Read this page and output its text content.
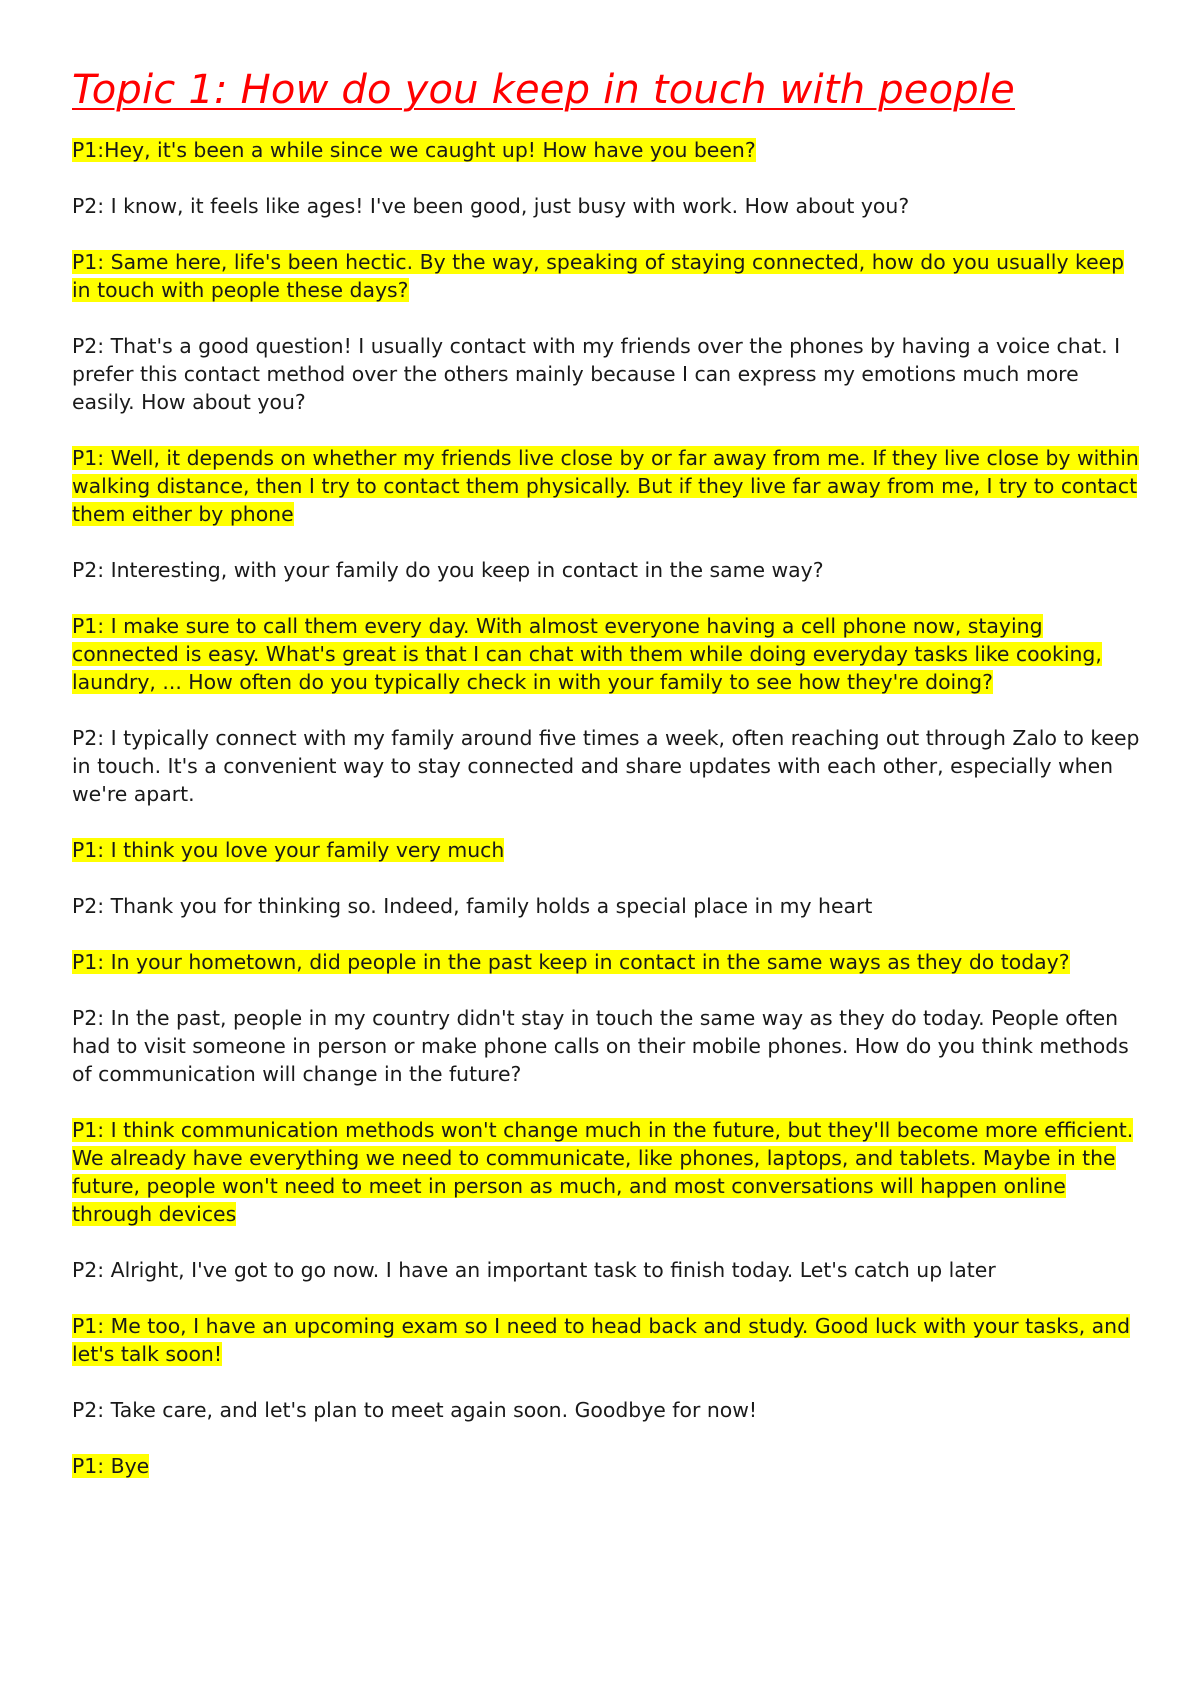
Topic 1: How do you keep in touch with people

P1:Hey, it's been a while since we caught up! How have you been?

P2: I know, it feels like ages! I've been good, just busy with work. How about you?

P1: Same here, life's been hectic. By the way, speaking of staying connected, how do you usually keep in touch with people these days?

P2: That's a good question! I usually contact with my friends over the phones by having a voice chat. I prefer this contact method over the others mainly because I can express my emotions much more easily. How about you?

P1: Well, it depends on whether my friends live close by or far away from me. If they live close by within walking distance, then I try to contact them physically. But if they live far away from me, I try to contact them either by phone

P2: Interesting, with your family do you keep in contact in the same way?

P1: I make sure to call them every day. With almost everyone having a cell phone now, staying connected is easy. What's great is that I can chat with them while doing everyday tasks like cooking, laundry, ... How often do you typically check in with your family to see how they're doing?

P2: I typically connect with my family around five times a week, often reaching out through Zalo to keep in touch. It's a convenient way to stay connected and share updates with each other, especially when we're apart.

P1: I think you love your family very much

P2: Thank you for thinking so. Indeed, family holds a special place in my heart

P1: In your hometown, did people in the past keep in contact in the same ways as they do today?

P2: In the past, people in my country didn't stay in touch the same way as they do today. People often had to visit someone in person or make phone calls on their mobile phones. How do you think methods of communication will change in the future?

P1: I think communication methods won't change much in the future, but they'll become more efficient. We already have everything we need to communicate, like phones, laptops, and tablets. Maybe in the future, people won't need to meet in person as much, and most conversations will happen online through devices

P2: Alright, I've got to go now. I have an important task to finish today. Let's catch up later

P1: Me too, I have an upcoming exam so I need to head back and study. Good luck with your tasks, and let's talk soon!

P2: Take care, and let's plan to meet again soon. Goodbye for now!

P1: Bye
